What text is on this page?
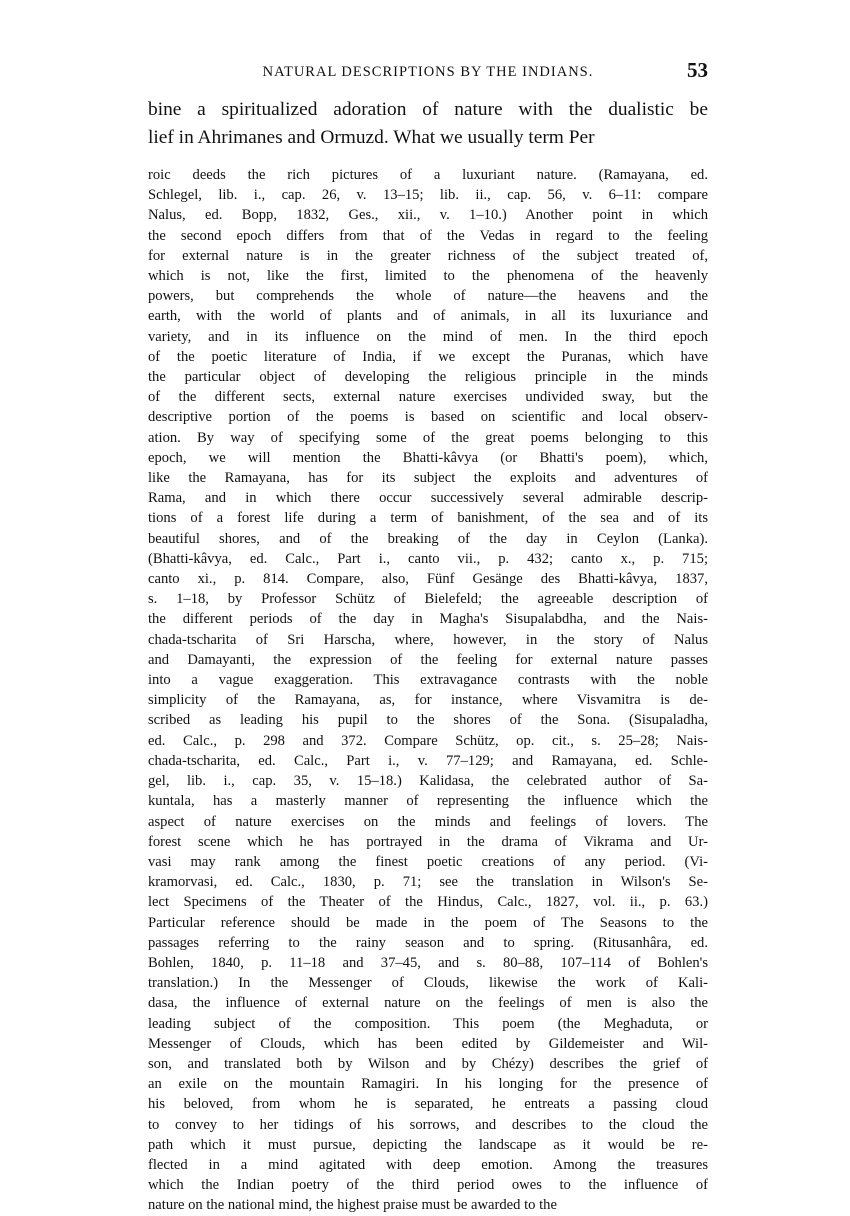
NATURAL DESCRIPTIONS BY THE INDIANS.	53
bine a spiritualized adoration of nature with the dualistic be
lief in Ahrimanes and Ormuzd. What we usually term Per
roic deeds the rich pictures of a luxuriant nature. (Ramayana, ed.
Schlegel, lib. i., cap. 26, v. 13–15; lib. ii., cap. 56, v. 6–11: compare
Nalus, ed. Bopp, 1832, Ges., xii., v. 1–10.) Another point in which
the second epoch differs from that of the Vedas in regard to the feeling
for external nature is in the greater richness of the subject treated of,
which is not, like the first, limited to the phenomena of the heavenly
powers, but comprehends the whole of nature—the heavens and the
earth, with the world of plants and of animals, in all its luxuriance and
variety, and in its influence on the mind of men. In the third epoch
of the poetic literature of India, if we except the Puranas, which have
the particular object of developing the religious principle in the minds
of the different sects, external nature exercises undivided sway, but the
descriptive portion of the poems is based on scientific and local observ-
ation. By way of specifying some of the great poems belonging to this
epoch, we will mention the Bhatti-kâvya (or Bhatti's poem), which,
like the Ramayana, has for its subject the exploits and adventures of
Rama, and in which there occur successively several admirable descrip-
tions of a forest life during a term of banishment, of the sea and of its
beautiful shores, and of the breaking of the day in Ceylon (Lanka).
(Bhatti-kâvya, ed. Calc., Part i., canto vii., p. 432; canto x., p. 715;
canto xi., p. 814. Compare, also, Fünf Gesänge des Bhatti-kâvya, 1837,
s. 1–18, by Professor Schütz of Bielefeld; the agreeable description of
the different periods of the day in Magha's Sisupalabdha, and the Nais-
chada-tscharita of Sri Harscha, where, however, in the story of Nalus
and Damayanti, the expression of the feeling for external nature passes
into a vague exaggeration. This extravagance contrasts with the noble
simplicity of the Ramayana, as, for instance, where Visvamitra is de-
scribed as leading his pupil to the shores of the Sona. (Sisupaladha,
ed. Calc., p. 298 and 372. Compare Schütz, op. cit., s. 25–28; Nais-
chada-tscharita, ed. Calc., Part i., v. 77–129; and Ramayana, ed. Schle-
gel, lib. i., cap. 35, v. 15–18.) Kalidasa, the celebrated author of Sa-
kuntala, has a masterly manner of representing the influence which the
aspect of nature exercises on the minds and feelings of lovers. The
forest scene which he has portrayed in the drama of Vikrama and Ur-
vasi may rank among the finest poetic creations of any period. (Vi-
kramorvasi, ed. Calc., 1830, p. 71; see the translation in Wilson's Se-
lect Specimens of the Theater of the Hindus, Calc., 1827, vol. ii., p. 63.)
Particular reference should be made in the poem of The Seasons to the
passages referring to the rainy season and to spring. (Ritusanhâra, ed.
Bohlen, 1840, p. 11–18 and 37–45, and s. 80–88, 107–114 of Bohlen's
translation.) In the Messenger of Clouds, likewise the work of Kali-
dasa, the influence of external nature on the feelings of men is also the
leading subject of the composition. This poem (the Meghaduta, or
Messenger of Clouds, which has been edited by Gildemeister and Wil-
son, and translated both by Wilson and by Chézy) describes the grief of
an exile on the mountain Ramagiri. In his longing for the presence of
his beloved, from whom he is separated, he entreats a passing cloud
to convey to her tidings of his sorrows, and describes to the cloud the
path which it must pursue, depicting the landscape as it would be re-
flected in a mind agitated with deep emotion. Among the treasures
which the Indian poetry of the third period owes to the influence of
nature on the national mind, the highest praise must be awarded to the
